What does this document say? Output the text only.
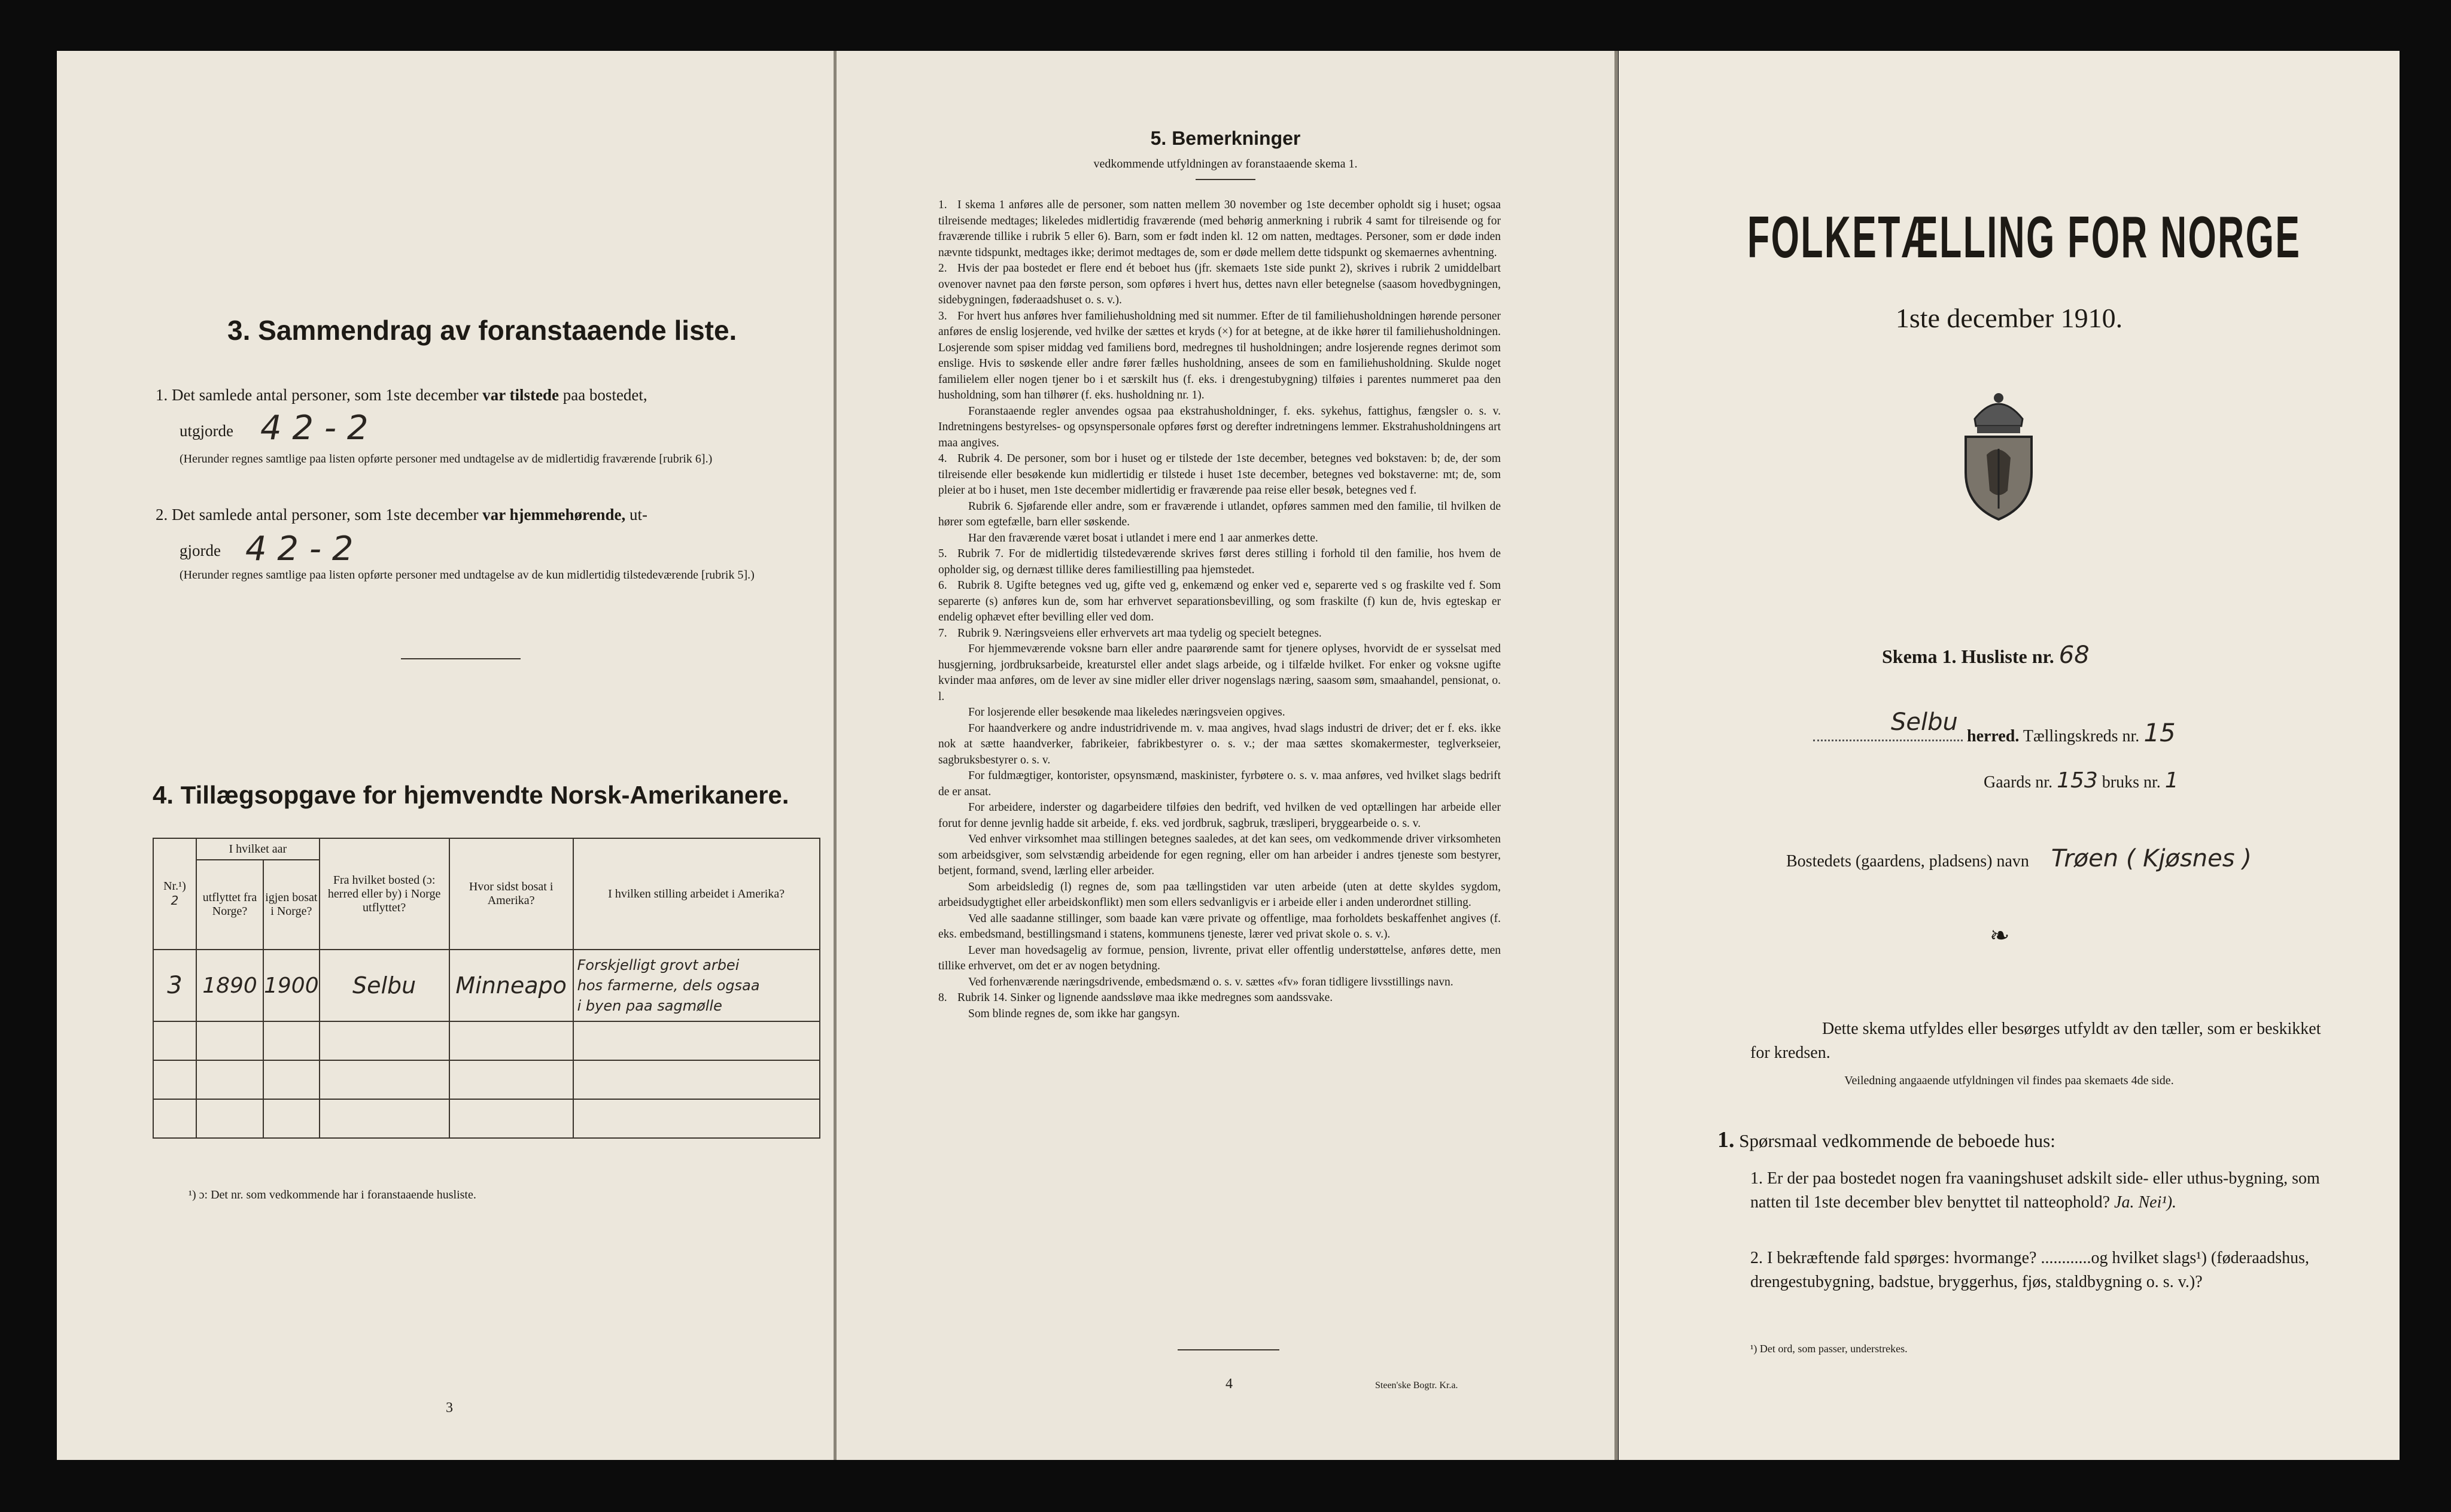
3. Sammendrag av foranstaaende liste.
1. Det samlede antal personer, som 1ste december var tilstede paa bostedet,
utgjorde 4 2 - 2
(Herunder regnes samtlige paa listen opførte personer med undtagelse av de midlertidig fraværende [rubrik 6].)
2. Det samlede antal personer, som 1ste december var hjemmehørende, ut-
gjorde 4 2 - 2
(Herunder regnes samtlige paa listen opførte personer med undtagelse av de kun midlertidig tilstedeværende [rubrik 5].)
4. Tillægsopgave for hjemvendte Norsk-Amerikanere.
Nr.¹)
2	I hvilket aar		Fra hvilket bosted (ɔ: herred eller by) i Norge utflyttet?	Hvor sidst bosat i Amerika?	I hvilken stilling arbeidet i Amerika?
	utflyttet fra Norge?	igjen bosat i Norge?			
3	1890	1900	Selbu	Minneapo	Forskjelligt grovt arbei
hos farmerne, dels ogsaa
i byen paa sagmølle

¹) ɔ: Det nr. som vedkommende har i foranstaaende husliste.
3
5. Bemerkninger
vedkommende utfyldningen av foranstaaende skema 1.

1. I skema 1 anføres alle de personer, som natten mellem 30 november og 1ste december opholdt sig i huset; ogsaa tilreisende medtages; likeledes midlertidig fraværende (med behørig anmerkning i rubrik 4 samt for tilreisende og for fraværende tillike i rubrik 5 eller 6). Barn, som er født inden kl. 12 om natten, medtages. Personer, som er døde inden nævnte tidspunkt, medtages ikke; derimot medtages de, som er døde mellem dette tidspunkt og skemaernes avhentning.

2. Hvis der paa bostedet er flere end ét beboet hus (jfr. skemaets 1ste side punkt 2), skrives i rubrik 2 umiddelbart ovenover navnet paa den første person, som opføres i hvert hus, dettes navn eller betegnelse (saasom hovedbygningen, sidebygningen, føderaadshuset o. s. v.).

3. For hvert hus anføres hver familiehusholdning med sit nummer. Efter de til familiehusholdningen hørende personer anføres de enslig losjerende, ved hvilke der sættes et kryds (×) for at betegne, at de ikke hører til familiehusholdningen. Losjerende som spiser middag ved familiens bord, medregnes til husholdningen; andre losjerende regnes derimot som enslige. Hvis to søskende eller andre fører fælles husholdning, ansees de som en familiehusholdning. Skulde noget familielem eller nogen tjener bo i et særskilt hus (f. eks. i drengestubygning) tilføies i parentes nummeret paa den husholdning, som han tilhører (f. eks. husholdning nr. 1).

Foranstaaende regler anvendes ogsaa paa ekstrahusholdninger, f. eks. sykehus, fattighus, fængsler o. s. v. Indretningens bestyrelses- og opsynspersonale opføres først og derefter indretningens lemmer. Ekstrahusholdningens art maa angives.

4. Rubrik 4. De personer, som bor i huset og er tilstede der 1ste december, betegnes ved bokstaven: b; de, der som tilreisende eller besøkende kun midlertidig er tilstede i huset 1ste december, betegnes ved bokstaverne: mt; de, som pleier at bo i huset, men 1ste december midlertidig er fraværende paa reise eller besøk, betegnes ved f.

Rubrik 6. Sjøfarende eller andre, som er fraværende i utlandet, opføres sammen med den familie, til hvilken de hører som egtefælle, barn eller søskende.

Har den fraværende været bosat i utlandet i mere end 1 aar anmerkes dette.

5. Rubrik 7. For de midlertidig tilstedeværende skrives først deres stilling i forhold til den familie, hos hvem de opholder sig, og dernæst tillike deres familiestilling paa hjemstedet.

6. Rubrik 8. Ugifte betegnes ved ug, gifte ved g, enkemænd og enker ved e, separerte ved s og fraskilte ved f. Som separerte (s) anføres kun de, som har erhvervet separationsbevilling, og som fraskilte (f) kun de, hvis egteskap er endelig ophævet efter bevilling eller ved dom.

7. Rubrik 9. Næringsveiens eller erhvervets art maa tydelig og specielt betegnes.

For hjemmeværende voksne barn eller andre paarørende samt for tjenere oplyses, hvorvidt de er sysselsat med husgjerning, jordbruksarbeide, kreaturstel eller andet slags arbeide, og i tilfælde hvilket. For enker og voksne ugifte kvinder maa anføres, om de lever av sine midler eller driver nogenslags næring, saasom søm, smaahandel, pensionat, o. l.

For losjerende eller besøkende maa likeledes næringsveien opgives.

For haandverkere og andre industridrivende m. v. maa angives, hvad slags industri de driver; det er f. eks. ikke nok at sætte haandverker, fabrikeier, fabrikbestyrer o. s. v.; der maa sættes skomakermester, teglverkseier, sagbruksbestyrer o. s. v.

For fuldmægtiger, kontorister, opsynsmænd, maskinister, fyrbøtere o. s. v. maa anføres, ved hvilket slags bedrift de er ansat.

For arbeidere, inderster og dagarbeidere tilføies den bedrift, ved hvilken de ved optællingen har arbeide eller forut for denne jevnlig hadde sit arbeide, f. eks. ved jordbruk, sagbruk, træsliperi, bryggearbeide o. s. v.

Ved enhver virksomhet maa stillingen betegnes saaledes, at det kan sees, om vedkommende driver virksomheten som arbeidsgiver, som selvstændig arbeidende for egen regning, eller om han arbeider i andres tjeneste som bestyrer, betjent, formand, svend, lærling eller arbeider.

Som arbeidsledig (l) regnes de, som paa tællingstiden var uten arbeide (uten at dette skyldes sygdom, arbeidsudygtighet eller arbeidskonflikt) men som ellers sedvanligvis er i arbeide eller i anden underordnet stilling.

Ved alle saadanne stillinger, som baade kan være private og offentlige, maa forholdets beskaffenhet angives (f. eks. embedsmand, bestillingsmand i statens, kommunens tjeneste, lærer ved privat skole o. s. v.).

Lever man hovedsagelig av formue, pension, livrente, privat eller offentlig understøttelse, anføres dette, men tillike erhvervet, om det er av nogen betydning.

Ved forhenværende næringsdrivende, embedsmænd o. s. v. sættes «fv» foran tidligere livsstillings navn.

8. Rubrik 14. Sinker og lignende aandssløve maa ikke medregnes som aandssvake.

Som blinde regnes de, som ikke har gangsyn.

4	Steen'ske Bogtr. Kr.a.
FOLKETÆLLING FOR NORGE
1ste december 1910.
Skema 1. Husliste nr. 68

Selbu
herred. Tællingskreds nr. 15
Gaards nr. 153 bruks nr. 1
Bostedets (gaardens, pladsens) navn Trøen ( Kjøsnes )
❧
Dette skema utfyldes eller besørges utfyldt av den tæller, som er beskikket for kredsen.
Veiledning angaaende utfyldningen vil findes paa skemaets 4de side.
1. Spørsmaal vedkommende de beboede hus:
1. Er der paa bostedet nogen fra vaaningshuset adskilt side- eller uthus-bygning, som natten til 1ste december blev benyttet til natteophold? Ja. Nei¹).
2. I bekræftende fald spørges: hvormange? ............og hvilket slags¹) (føderaadshus, drengestubygning, badstue, bryggerhus, fjøs, staldbygning o. s. v.)?
¹) Det ord, som passer, understrekes.
